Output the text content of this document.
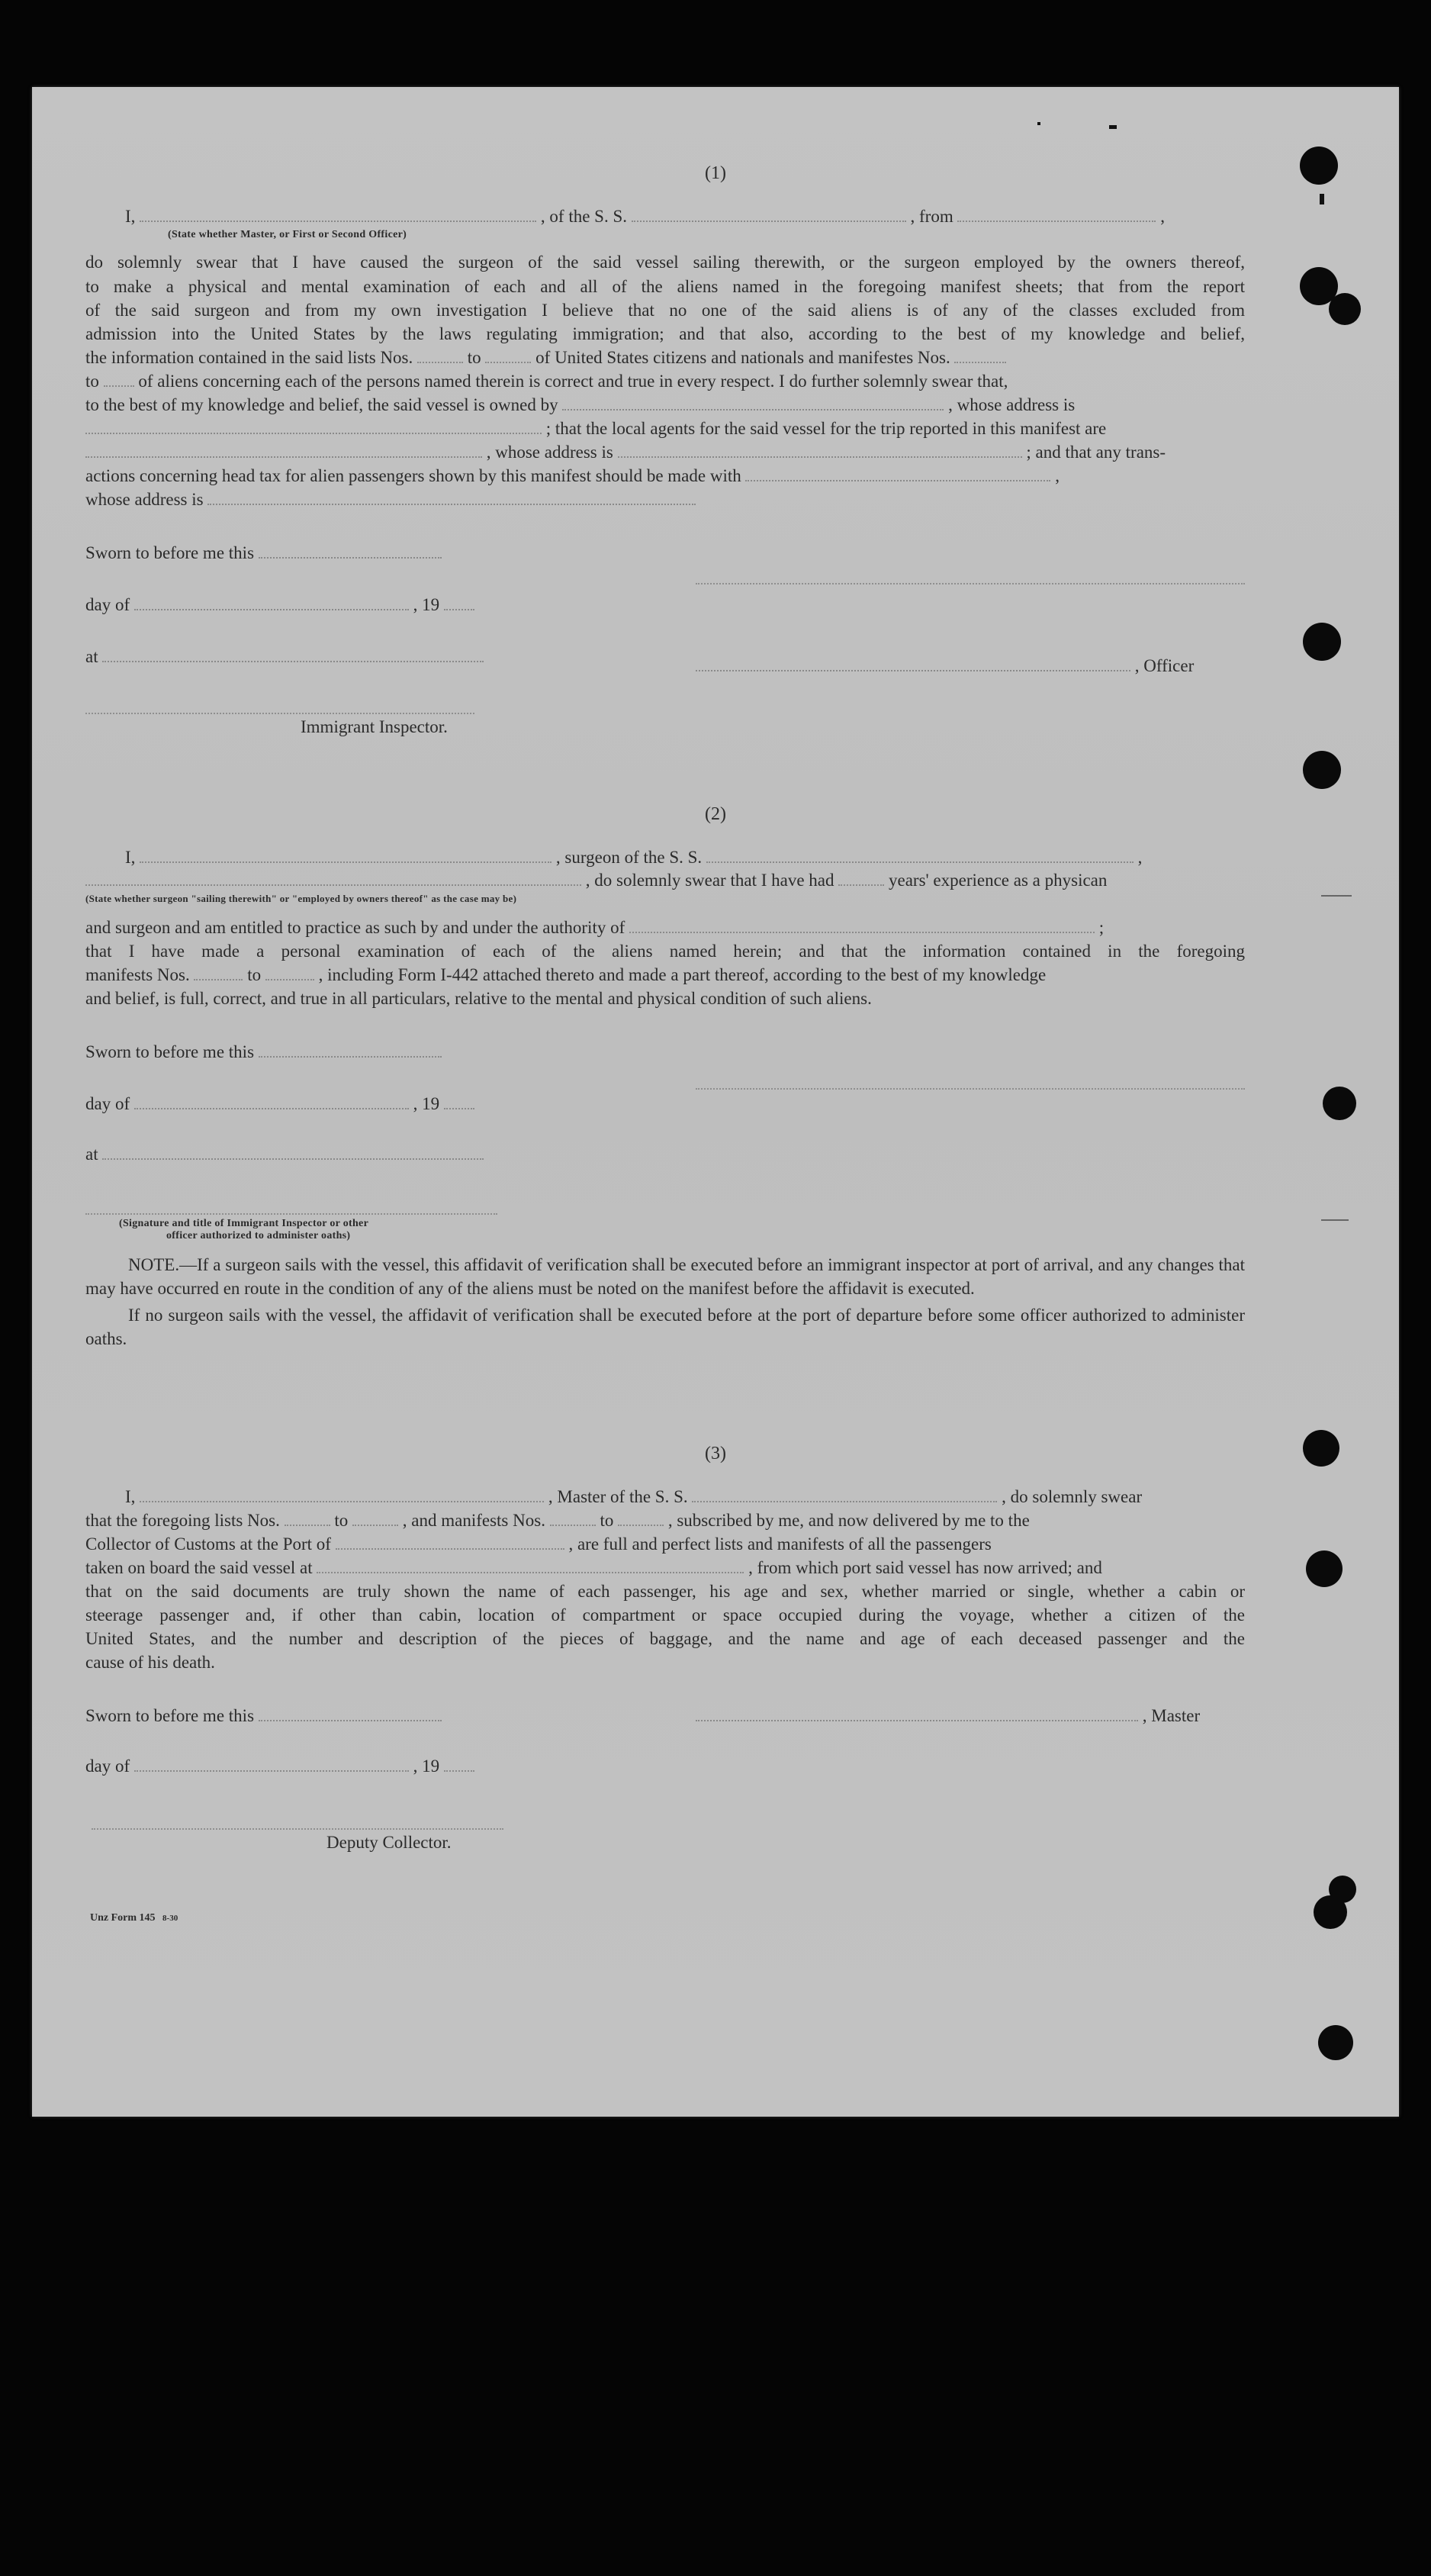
(1)
I,	, of the S. S.	, from	,
(State whether Master, or First or Second Officer)
do solemnly swear that I have caused the surgeon of the said vessel sailing therewith, or the surgeon employed by the owners thereof,
to make a physical and mental examination of each and all of the aliens named in the foregoing manifest sheets; that from the report
of the said surgeon and from my own investigation I believe that no one of the said aliens is of any of the classes excluded from
admission into the United States by the laws regulating immigration; and that also, according to the best of my knowledge and belief,
the information contained in the said lists Nos.	to	of United States citizens and nationals and manifestes Nos.
to of aliens concerning each of the persons named therein is correct and true in every respect. I do further solemnly swear that,
to the best of my knowledge and belief, the said vessel is owned by	, whose address is
; that the local agents for the said vessel for the trip reported in this manifest are
, whose address is	; and that any trans-
actions concerning head tax for alien passengers shown by this manifest should be made with	,
whose address is
Sworn to before me this
day of	, 19
at	, Officer
Immigrant Inspector.
(2)
I,	, surgeon of the S. S.	,
, do solemnly swear that I have had	years' experience as a physican
(State whether surgeon "sailing therewith" or "employed by owners thereof" as the case may be)
and surgeon and am entitled to practice as such by and under the authority of	;
that I have made a personal examination of each of the aliens named herein; and that the information contained in the foregoing
manifests Nos.	to	, including Form I-442 attached thereto and made a part thereof, according to the best of my knowledge
and belief, is full, correct, and true in all particulars, relative to the mental and physical condition of such aliens.
Sworn to before me this
day of	, 19
at
(Signature and title of Immigrant Inspector or other
officer authorized to administer oaths)

NOTE.—If a surgeon sails with the vessel, this affidavit of verification shall be executed before an immigrant inspector at port of arrival, and any changes that may have occurred en route in the condition of any of the aliens must be noted on the manifest before the affidavit is executed.

If no surgeon sails with the vessel, the affidavit of verification shall be executed before at the port of departure before some officer authorized to administer oaths.

(3)
I,	, Master of the S. S.	, do solemnly swear
that the foregoing lists Nos.	to	, and manifests Nos.	to	, subscribed by me, and now delivered by me to the
Collector of Customs at the Port of	, are full and perfect lists and manifests of all the passengers
taken on board the said vessel at	, from which port said vessel has now arrived; and
that on the said documents are truly shown the name of each passenger, his age and sex, whether married or single, whether a cabin or
steerage passenger and, if other than cabin, location of compartment or space occupied during the voyage, whether a citizen of the
United States, and the number and description of the pieces of baggage, and the name and age of each deceased passenger and the
cause of his death.
Sworn to before me this	, Master
day of	, 19
Deputy Collector.
Unz Form 145 8-30
